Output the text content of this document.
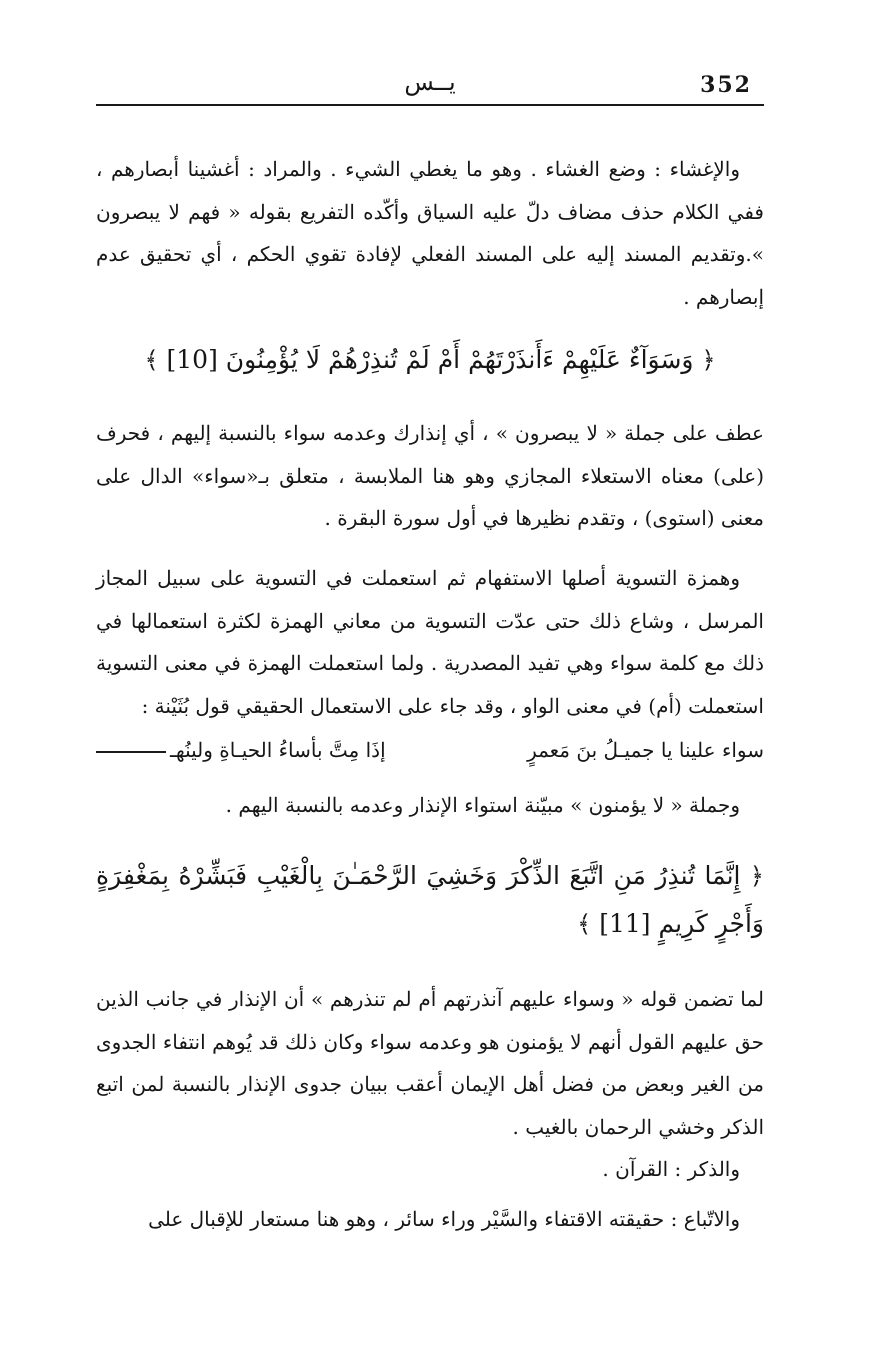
352
يــس

والإغشاء : وضع الغشاء . وهو ما يغطي الشيء . والمراد : أغشينا أبصارهم ، ففي الكلام حذف مضاف دلّ عليه السياق وأكّده التفريع بقوله « فهم لا يبصرون ».وتقديم المسند إليه على المسند الفعلي لإفادة تقوي الحكم ، أي تحقيق عدم إبصارهم .

﴿ وَسَوَآءٌ عَلَيْهِمْ ءَأَنذَرْتَهُمْ أَمْ لَمْ تُنذِرْهُمْ لَا يُؤْمِنُونَ [10] ﴾

عطف على جملة « لا يبصرون » ، أي إنذارك وعدمه سواء بالنسبة إليهم ، فحرف (على) معناه الاستعلاء المجازي وهو هنا الملابسة ، متعلق بـ«سواء» الدال على معنى (استوى) ، وتقدم نظيرها في أول سورة البقرة .

وهمزة التسوية أصلها الاستفهام ثم استعملت في التسوية على سبيل المجاز المرسل ، وشاع ذلك حتى عدّت التسوية من معاني الهمزة لكثرة استعمالها في ذلك مع كلمة سواء وهي تفيد المصدرية . ولما استعملت الهمزة في معنى التسوية استعملت (أم) في معنى الواو ، وقد جاء على الاستعمال الحقيقي قول بُثَيْنة :

سواء علينا يا جميـلُ بنَ مَعمرٍ
إذَا مِتَّ بأساءُ الحيـاةِ ولينُهـ

وجملة « لا يؤمنون » مبيّنة استواء الإنذار وعدمه بالنسبة اليهم .

﴿ إِنَّمَا تُنذِرُ مَنِ اتَّبَعَ الذِّكْرَ وَخَشِيَ الرَّحْمَـٰنَ بِالْغَيْبِ فَبَشِّرْهُ بِمَغْفِرَةٍ وَأَجْرٍ كَرِيمٍ [11] ﴾

لما تضمن قوله « وسواء عليهم آنذرتهم أم لم تنذرهم » أن الإنذار في جانب الذين حق عليهم القول أنهم لا يؤمنون هو وعدمه سواء وكان ذلك قد يُوهم انتفاء الجدوى من الغير وبعض من فضل أهل الإيمان أعقب ببيان جدوى الإنذار بالنسبة لمن اتبع الذكر وخشي الرحمان بالغيب .

والذكر : القرآن .

والاتّباع : حقيقته الاقتفاء والسَّيْر وراء سائر ، وهو هنا مستعار للإقبال على
